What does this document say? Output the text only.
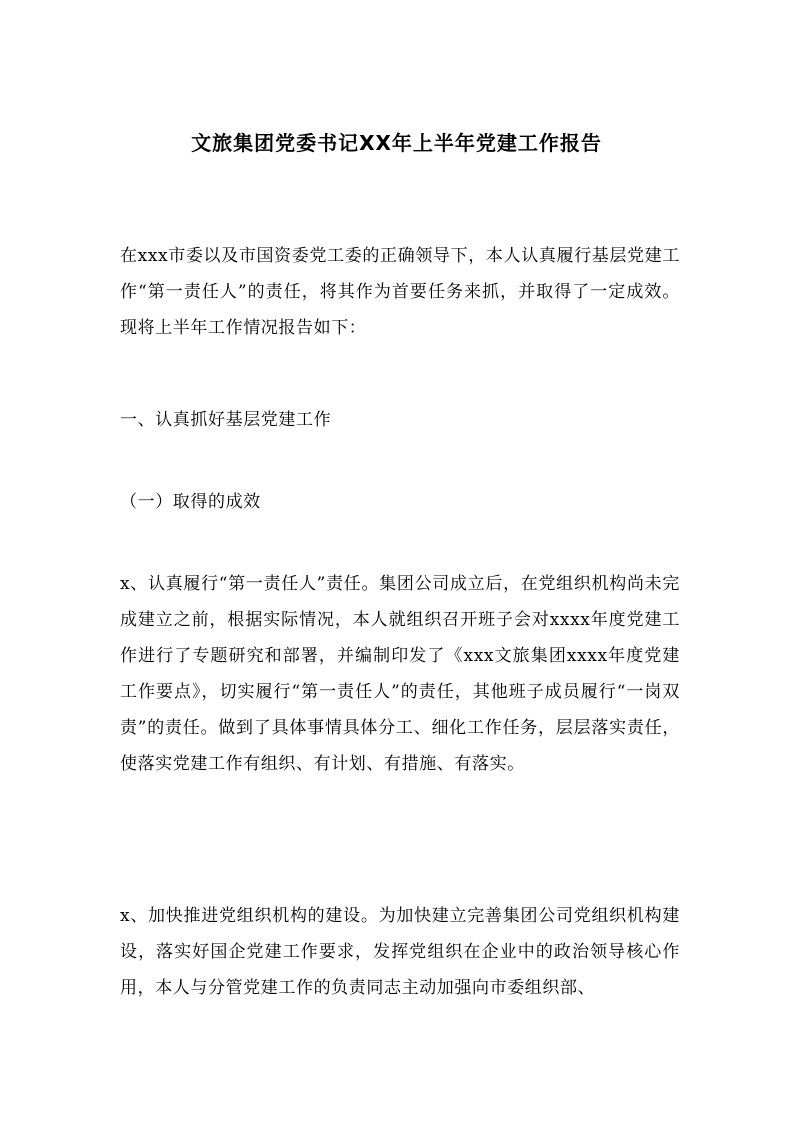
文旅集团党委书记XX年上半年党建工作报告

在xxx市委以及市国资委党工委的正确领导下，本人认真履行基层党建工作“第一责任人”的责任，将其作为首要任务来抓，并取得了一定成效。现将上半年工作情况报告如下：

一、认真抓好基层党建工作

（一）取得的成效

x、认真履行“第一责任人”责任。集团公司成立后，在党组织机构尚未完成建立之前，根据实际情况，本人就组织召开班子会对xxxx年度党建工作进行了专题研究和部署，并编制印发了《xxx文旅集团xxxx年度党建工作要点》，切实履行“第一责任人”的责任，其他班子成员履行“一岗双责”的责任。做到了具体事情具体分工、细化工作任务，层层落实责任，使落实党建工作有组织、有计划、有措施、有落实。

x、加快推进党组织机构的建设。为加快建立完善集团公司党组织机构建设，落实好国企党建工作要求，发挥党组织在企业中的政治领导核心作用，本人与分管党建工作的负责同志主动加强向市委组织部、
